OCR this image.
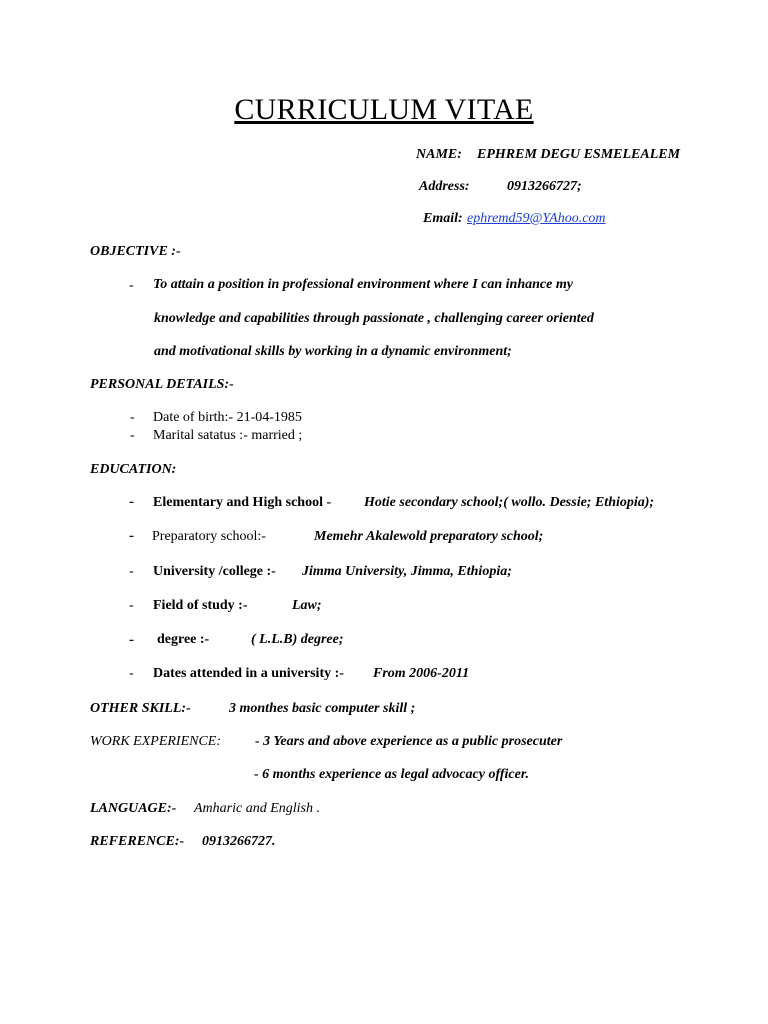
CURRICULUM VITAE
NAME: EPHREM DEGU ESMELEALEM
Address:	0913266727;
Email: ephremd59@YAhoo.com
OBJECTIVE :-
- To attain a position in professional environment where I can inhance my
knowledge and capabilities through passionate , challenging career oriented
and motivational skills by working in a dynamic environment;
PERSONAL DETAILS:-
- Date of birth:- 21-04-1985
- Marital satatus :- married ;
EDUCATION:
- Elementary and High school - Hotie secondary school;( wollo. Dessie; Ethiopia);
- Preparatory school:-	Memehr Akalewold preparatory school;
- University /college :- Jimma University, Jimma, Ethiopia;
- Field of study :-	Law;
- degree :-	( L.L.B) degree;
- Dates attended in a university :- From 2006-2011
OTHER SKILL:-	3 monthes basic computer skill ;
WORK EXPERIENCE: - 3 Years and above experience as a public prosecuter
- 6 months experience as legal advocacy officer.
LANGUAGE:- Amharic and English .
REFERENCE:- 0913266727.
